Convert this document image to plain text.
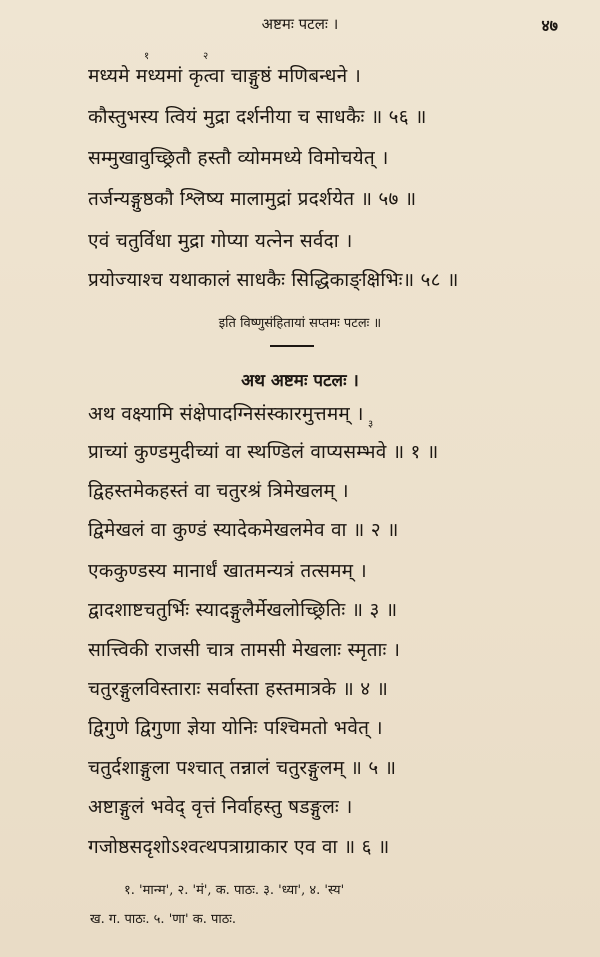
अष्टमः पटलः ।	४७
१	२
३
मध्यमे मध्यमां कृत्वा चाङ्गुष्ठं मणिबन्धने ।
कौस्तुभस्य त्वियं मुद्रा दर्शनीया च साधकैः ॥ ५६ ॥
सम्मुखावुच्छ्रितौ हस्तौ व्योममध्ये विमोचयेत् ।
तर्जन्यङ्गुष्ठकौ श्लिष्य मालामुद्रां प्रदर्शयेत ॥ ५७ ॥
एवं चतुर्विधा मुद्रा गोप्या यत्नेन सर्वदा ।
प्रयोज्याश्च यथाकालं साधकैः सिद्धिकाङ्क्षिभिः॥ ५८ ॥
इति विष्णुसंहितायां सप्तमः पटलः ॥
अथ अष्टमः पटलः ।
अथ वक्ष्यामि संक्षेपादग्निसंस्कारमुत्तमम् ।
प्राच्यां कुण्डमुदीच्यां वा स्थण्डिलं वाप्यसम्भवे ॥ १ ॥
द्विहस्तमेकहस्तं वा चतुरश्रं त्रिमेखलम् ।
द्विमेखलं वा कुण्डं स्यादेकमेखलमेव वा ॥ २ ॥
एककुण्डस्य मानार्धं खातमन्यत्रं तत्समम् ।
द्वादशाष्टचतुर्भिः स्यादङ्गुलैर्मेखलोच्छ्रितिः ॥ ३ ॥
सात्त्विकी राजसी चात्र तामसी मेखलाः स्मृताः ।
चतुरङ्गुलविस्ताराः सर्वास्ता हस्तमात्रके ॥ ४ ॥
द्विगुणे द्विगुणा ज्ञेया योनिः पश्चिमतो भवेत् ।
चतुर्दशाङ्गुला पश्चात् तन्नालं चतुरङ्गुलम् ॥ ५ ॥
अष्टाङ्गुलं भवेद् वृत्तं निर्वाहस्तु षडङ्गुलः ।
गजोष्ठसदृशोऽश्वत्थपत्राग्राकार एव वा ॥ ६ ॥
१. 'मान्म', २. 'मं', क. पाठः. ३. 'ध्या', ४. 'स्य'
ख. ग. पाठः. ५. 'णा' क. पाठः.
